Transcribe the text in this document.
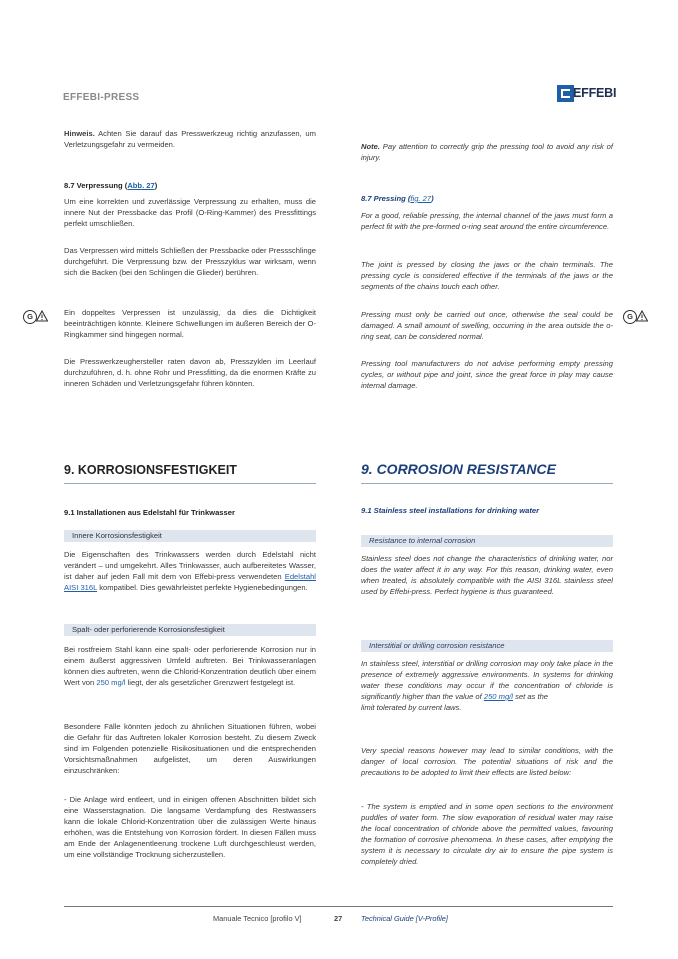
EFFEBI-PRESS	EFFEBI

Hinweis. Achten Sie darauf das Presswerkzeug richtig anzufassen, um Verletzungsgefahr zu vermeiden.

8.7 Verpressung (Abb. 27)

Um eine korrekten und zuverlässige Verpressung zu erhalten, muss die innere Nut der Pressbacke das Profil (O-Ring-Kammer) des Pressfittings perfekt umschließen.

Das Verpressen wird mittels Schließen der Pressbacke oder Pressschlinge durchgeführt. Die Verpressung bzw. der Presszyklus war wirksam, wenn sich die Backen (bei den Schlingen die Glieder) berühren.

Ein doppeltes Verpressen ist unzulässig, da dies die Dichtigkeit beeinträchtigen könnte. Kleinere Schwellungen im äußeren Bereich der O-Ringkammer sind hingegen normal.

Die Presswerkzeughersteller raten davon ab, Presszyklen im Leerlauf durchzuführen, d. h. ohne Rohr und Pressfitting, da die enormen Kräfte zu inneren Schäden und Verletzungsgefahr führen könnten.

G
9. KORROSIONSFESTIGKEIT

9.1 Installationen aus Edelstahl für Trinkwasser

Innere Korrosionsfestigkeit

Die Eigenschaften des Trinkwassers werden durch Edelstahl nicht verändert – und umgekehrt. Alles Trinkwasser, auch aufbereitetes Wasser, ist daher auf jeden Fall mit dem von Effebi-press verwendeten Edelstahl AISI 316L kompatibel. Dies gewährleistet perfekte Hygienebedingungen.

Spalt- oder perforierende Korrosionsfestigkeit

Bei rostfreiem Stahl kann eine spalt- oder perforierende Korrosion nur in einem äußerst aggressiven Umfeld auftreten. Bei Trinkwasseranlagen können dies auftreten, wenn die Chlorid-Konzentration deutlich über einem Wert von 250 mg/l liegt, der als gesetzlicher Grenzwert festgelegt ist.

Besondere Fälle könnten jedoch zu ähnlichen Situationen führen, wobei die Gefahr für das Auftreten lokaler Korrosion besteht. Zu diesem Zweck sind im Folgenden potenzielle Risikosituationen und die entsprechenden Vorsichtsmaßnahmen aufgelistet, um deren Auswirkungen einzuschränken:

- Die Anlage wird entleert, und in einigen offenen Abschnitten bildet sich eine Wasserstagnation. Die langsame Verdampfung des Restwassers kann die lokale Chlorid-Konzentration über die zulässigen Werte hinaus erhöhen, was die Entstehung von Korrosion fördert. In diesen Fällen muss am Ende der Anlagenentleerung trockene Luft durchgeschleust werden, um eine vollständige Trocknung sicherzustellen.

Note. Pay attention to correctly grip the pressing tool to avoid any risk of injury.

8.7 Pressing (fig. 27)

For a good, reliable pressing, the internal channel of the jaws must form a perfect fit with the pre-formed o-ring seat around the entire circumference.

The joint is pressed by closing the jaws or the chain terminals. The pressing cycle is considered effective if the terminals of the jaws or the segments of the chains touch each other.

Pressing must only be carried out once, otherwise the seal could be damaged. A small amount of swelling, occurring in the area outside the o-ring seat, can be considered normal.

Pressing tool manufacturers do not advise performing empty pressing cycles, or without pipe and joint, since the great force in play may cause internal damage.

G
9. CORROSION RESISTANCE

9.1 Stainless steel installations for drinking water

Resistance to internal corrosion

Stainless steel does not change the characteristics of drinking water, nor does the water affect it in any way. For this reason, drinking water, even when treated, is absolutely compatible with the AISI 316L stainless steel used by Effebi-press. Perfect hygiene is thus guaranteed.

Interstitial or drilling corrosion resistance

In stainless steel, interstitial or drilling corrosion may only take place in the presence of extremely aggressive environments. In systems for drinking water these conditions may occur if the concentration of chloride is significantly higher than the value of 250 mg/l set as the
limit tolerated by current laws.

Very special reasons however may lead to similar conditions, with the danger of local corrosion. The potential situations of risk and the precautions to be adopted to limit their effects are listed below:

- The system is emptied and in some open sections to the environment puddles of water form. The slow evaporation of residual water may raise the local concentration of chloride above the permitted values, favouring the formation of corrosive phenomena. In these cases, after emptying the system it is necessary to circulate dry air to ensure the pipe system is completely dried.

Manuale Tecnico [profilo V]	27	Technical Guide [V-Profile]
